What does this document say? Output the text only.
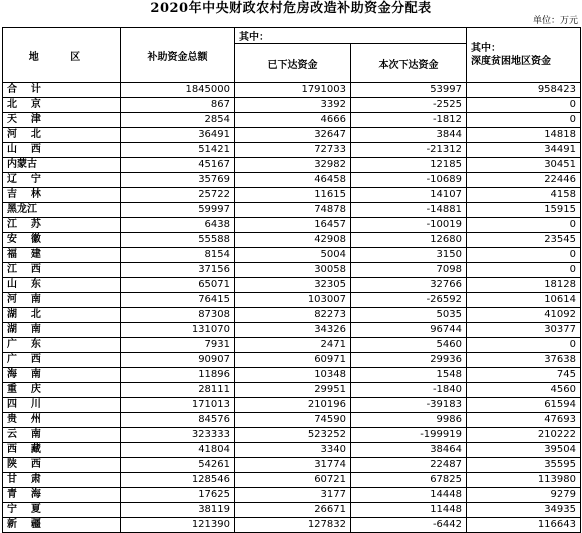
2020年中央财政农村危房改造补助资金分配表
单位：万元
地 区	补助资金总额	其中：		其中：
深度贫困地区资金

		已下达资金	本次下达资金	
合    计	1845000	1791003	53997	958423
北    京	867	3392	-2525	0
天    津	2854	4666	-1812	0
河    北	36491	32647	3844	14818
山    西	51421	72733	-21312	34491
内蒙古	45167	32982	12185	30451
辽    宁	35769	46458	-10689	22446
吉    林	25722	11615	14107	4158
黑龙江	59997	74878	-14881	15915
江    苏	6438	16457	-10019	0
安    徽	55588	42908	12680	23545
福    建	8154	5004	3150	0
江    西	37156	30058	7098	0
山    东	65071	32305	32766	18128
河    南	76415	103007	-26592	10614
湖    北	87308	82273	5035	41092
湖    南	131070	34326	96744	30377
广    东	7931	2471	5460	0
广    西	90907	60971	29936	37638
海    南	11896	10348	1548	745
重    庆	28111	29951	-1840	4560
四    川	171013	210196	-39183	61594
贵    州	84576	74590	9986	47693
云    南	323333	523252	-199919	210222
西    藏	41804	3340	38464	39504
陕    西	54261	31774	22487	35595
甘    肃	128546	60721	67825	113980
青    海	17625	3177	14448	9279
宁    夏	38119	26671	11448	34935
新    疆	121390	127832	-6442	116643
